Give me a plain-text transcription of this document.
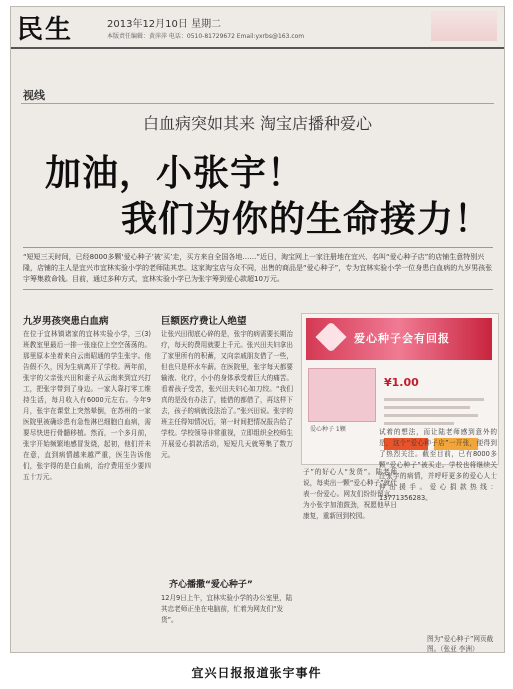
民生	2013年12月10日 星期二
本版责任编辑：黄萍萍 电话：0510-81729672 Email:yxrbs@163.com
视线
白血病突如其来 淘宝店播种爱心
加油，小张宇！
我们为你的生命接力！
“短短三天时间，已经8000多颗‘爱心种子’被‘买’走，买方来自全国各地……”近日，淘宝网上一家注册地在宜兴、名叫“爱心种子店”的店铺生意特别兴隆，店铺的主人是宜兴市宜林实验小学的老师陆其忠。这家淘宝店与众不同，出售的商品是“爱心种子”，专为宜林实验小学一位身患白血病的九岁男孩张宇筹集救命钱。目前，通过多种方式，宜林实验小学已为张宇筹到爱心款超10万元。
九岁男孩突患白血病
在位于宜林镇诸家的宜林实验小学，三(3)班教室里最后一排一张座位上空空荡荡的。那里原本坐着来自云南昭通的学生张宇。他告假不久，因为生病离开了学校。两年前，张宇的父亲张兴田和妻子从云南来到宜兴打工，把张宇带到了身边。一家人靠打零工维持生活，每月收入有6000元左右。今年9月，张宇在课堂上突然晕倒，在苏州的一家医院里被确诊患有急性淋巴细胞白血病，需要尽快进行骨髓移植。然而，一个多月前，张宇开始频繁地感冒发烧，起初，他们并未在意，直到病情越来越严重，医生告诉他们，张宇得的是白血病，治疗费用至少要四五十万元。
巨额医疗费让人绝望
让张兴田彻底心碎的是，张宇的病需要长期治疗，每天的费用就要上千元。张兴田夫妇拿出了家里所有的积蓄，又向亲戚朋友借了一些，但也只是杯水车薪。在医院里，张宇每天都要输液、化疗，小小的身体承受着巨大的痛苦。看着孩子受苦，张兴田夫妇心如刀绞。“我们真的是没有办法了，能借的都借了，再这样下去，孩子的病就没法治了。”张兴田说。张宇的班主任得知情况后，第一时间把情况报告给了学校。学校领导非常重视，立即组织全校师生开展爱心捐款活动，短短几天就筹集了数万元。
齐心播撒“爱心种子”
12月9日上午，宜林实验小学的办公室里，陆其忠老师正坐在电脑前，忙着为网友们“发货”。
爱心种子会有回报
爱心种子 1颗
¥1.00
子”的好心人“发货”。陆老师说，每卖出一颗“爱心种子”就代表一份爱心。网友们纷纷留言，为小张宇加油鼓劲，祝愿他早日康复，重新回到校园。
试着的想法，而让陆老师感到意外的是，这个“爱心种子店”一开张，便得到了热烈关注。截至目前，已有8000多颗“爱心种子”被买走。学校也将继续关注张宇的病情，并呼吁更多的爱心人士伸出援手。爱心捐款热线：13771356283。
图为“爱心种子”网页截图。（张亚 李洲）
宜兴日报报道张宇事件
